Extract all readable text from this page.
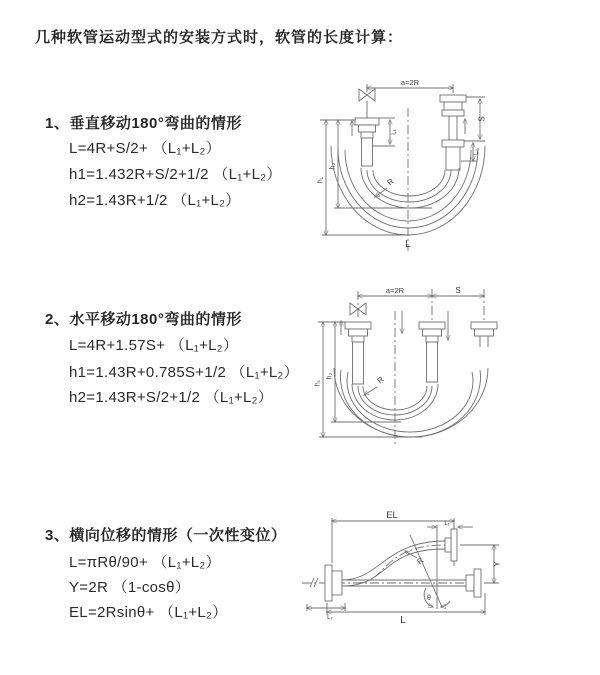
几种软管运动型式的安装方式时，软管的长度计算：
1、垂直移动180°弯曲的情形
L=4R+S/2+ （L₁+L₂）
h1=1.432R+S/2+1/2 （L₁+L₂）
h2=1.43R+1/2 （L₁+L₂）
2、水平移动180°弯曲的情形
L=4R+1.57S+ （L₁+L₂）
h1=1.43R+0.785S+1/2 （L₁+L₂）
h2=1.43R+S/2+1/2 （L₁+L₂）
3、横向位移的情形（一次性变位）
L=πRθ/90+ （L₁+L₂）
Y=2R （1-cosθ）
EL=2Rsinθ+ （L₁+L₂）
a=2R
h₁
h₂
L₁
S
L₂
R
L
a=2R	S
h₁
h₂	R
EL
L₁
Y
R
θ
L₂	L
